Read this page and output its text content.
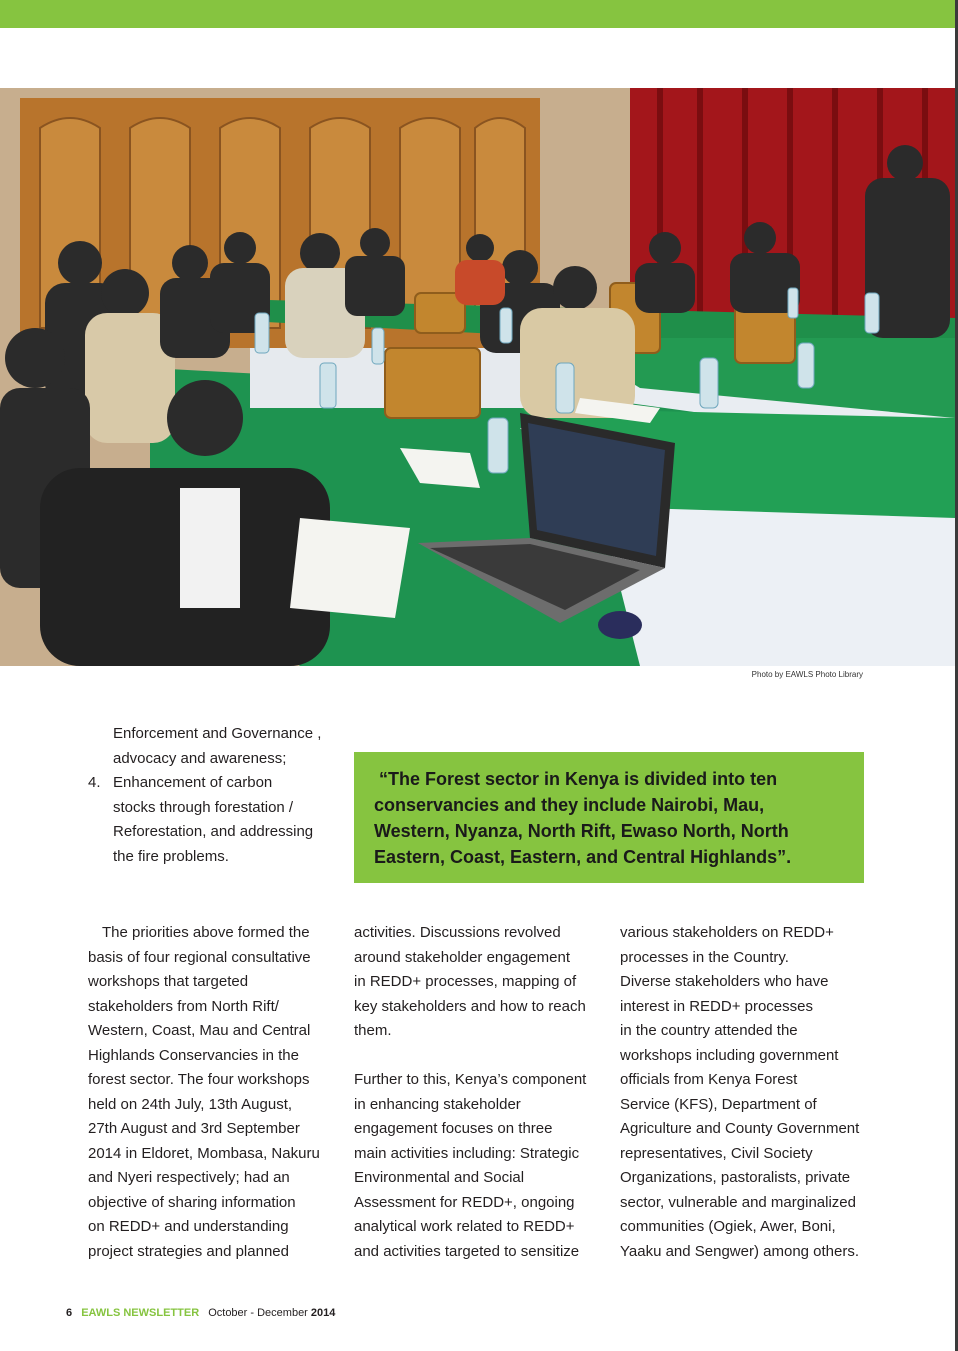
Photo by EAWLS Photo Library
Enforcement and Governance ,
advocacy and awareness;
4. Enhancement of carbon
stocks through forestation /
Reforestation, and addressing
the fire problems.
“The Forest sector in Kenya is divided into ten
conservancies and they include Nairobi, Mau,
Western, Nyanza, North Rift, Ewaso North, North
Eastern, Coast, Eastern, and Central Highlands”.

The priorities above formed the

basis of four regional consultative

workshops that targeted

stakeholders from North Rift/

Western, Coast, Mau and Central

Highlands Conservancies in the

forest sector. The four workshops

held on 24th July, 13th August,

27th August and 3rd September

2014 in Eldoret, Mombasa, Nakuru

and Nyeri respectively; had an

objective of sharing information

on REDD+ and understanding

project strategies and planned

activities. Discussions revolved

around stakeholder engagement

in REDD+ processes, mapping of

key stakeholders and how to reach

them.

Further to this, Kenya’s component

in enhancing stakeholder

engagement focuses on three

main activities including: Strategic

Environmental and Social

Assessment for REDD+, ongoing

analytical work related to REDD+

and activities targeted to sensitize

various stakeholders on REDD+

processes in the Country.

Diverse stakeholders who have

interest in REDD+ processes

in the country attended the

workshops including government

officials from Kenya Forest

Service (KFS), Department of

Agriculture and County Government

representatives, Civil Society

Organizations, pastoralists, private

sector, vulnerable and marginalized

communities (Ogiek, Awer, Boni,

Yaaku and Sengwer) among others.

6 EAWLS NEWSLETTER October - December 2014
